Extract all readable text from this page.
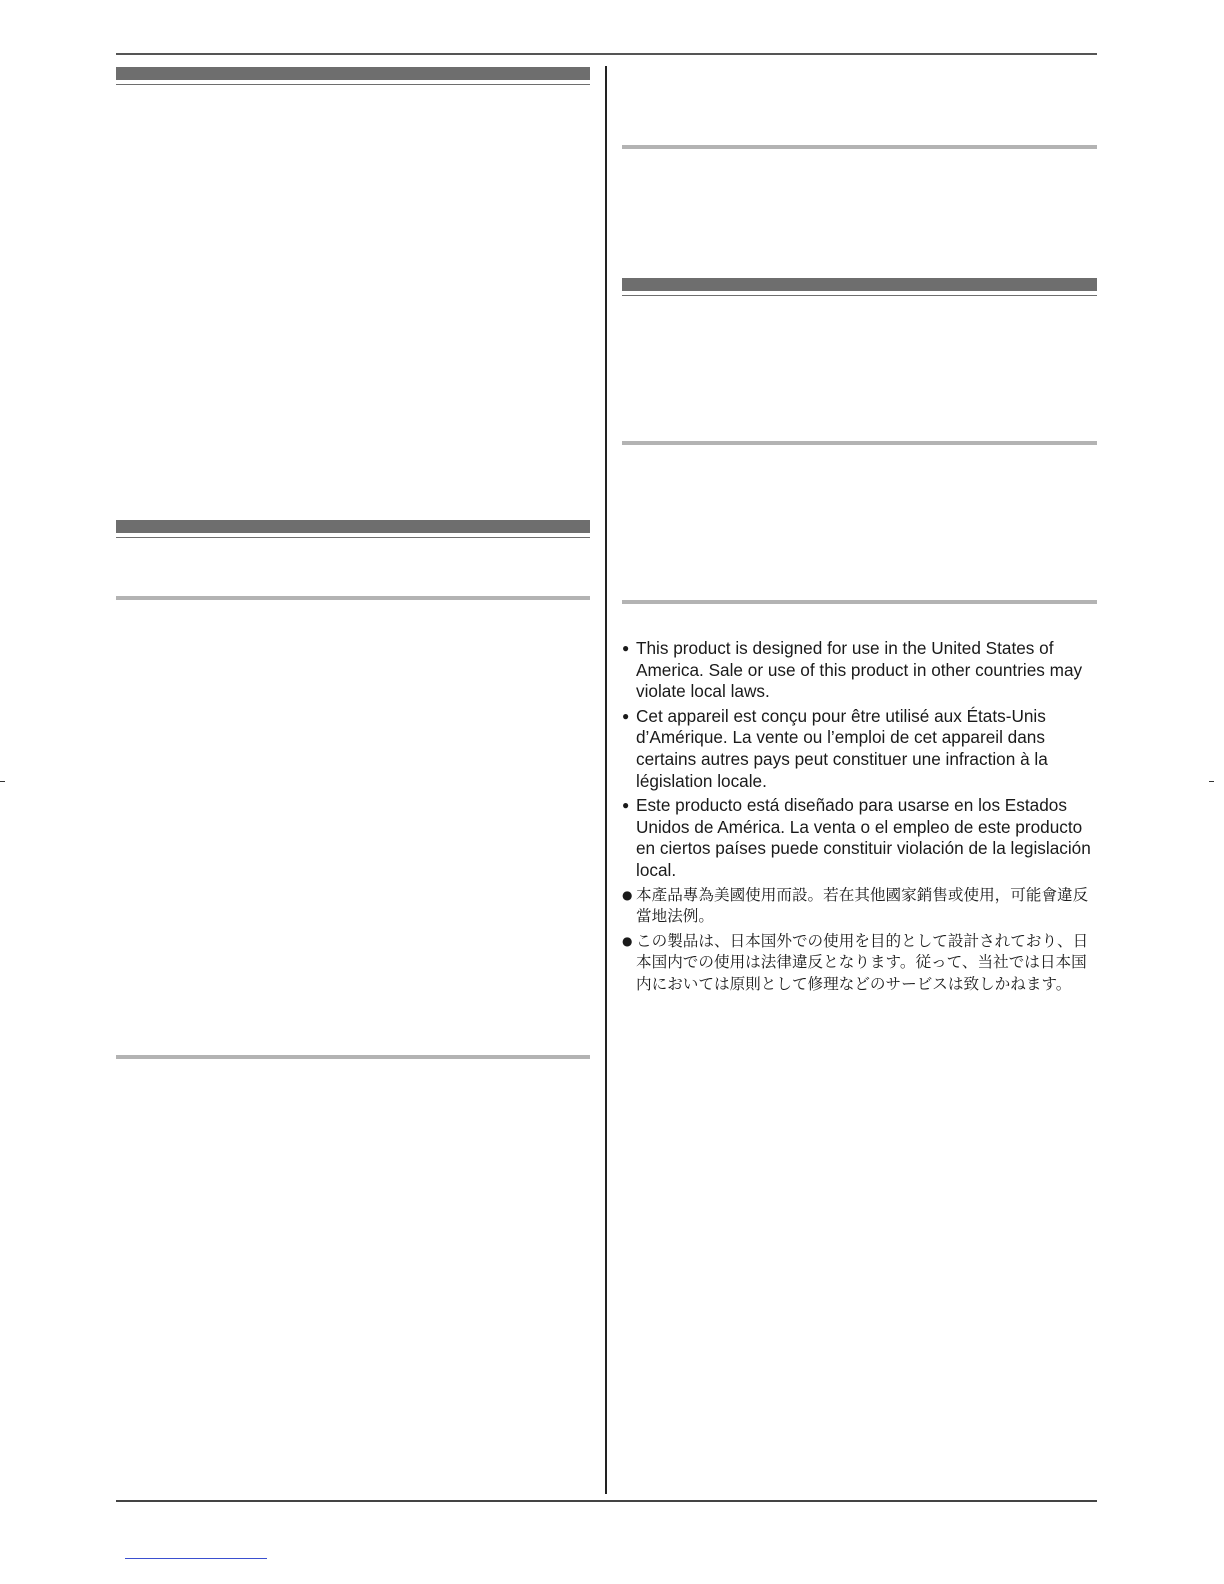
● This product is designed for use in the United States of America. Sale or use of this product in other countries may violate local laws.
● Cet appareil est conçu pour être utilisé aux États-Unis d’Amérique. La vente ou l’emploi de cet appareil dans certains autres pays peut constituer une infraction à la législation locale.
● Este producto está diseñado para usarse en los Estados Unidos de América. La venta o el empleo de este producto en ciertos países puede constituir violación de la legislación local.
● 本產品專為美國使用而設。若在其他國家銷售或使用，可能會違反當地法例。
● この製品は、日本国外での使用を目的として設計されており、日本国内での使用は法律違反となります。従って、当社では日本国内においては原則として修理などのサービスは致しかねます。
